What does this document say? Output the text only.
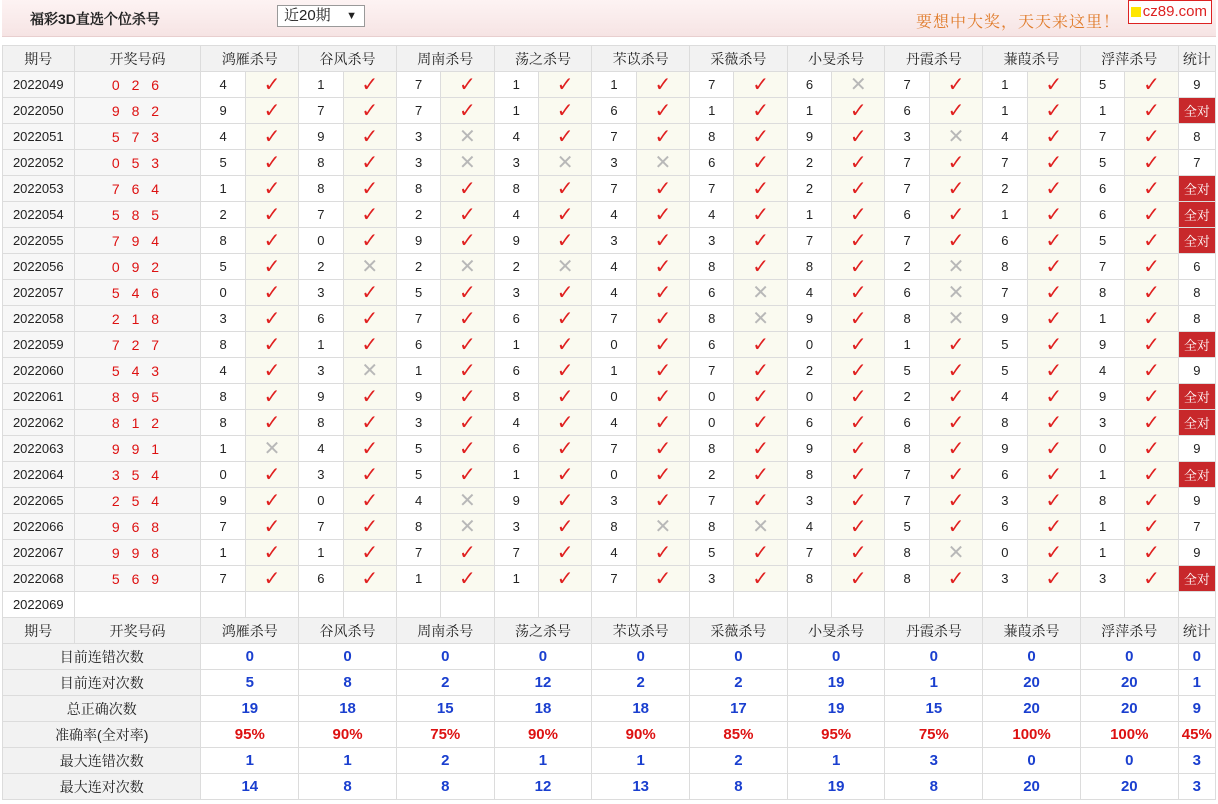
福彩3D直选个位杀号	近20期 ▼	要想中大奖，天天来这里！
cz89.com
期号	开奖号码	鸿雁杀号		谷风杀号		周南杀号		荡之杀号		芣苡杀号		采薇杀号		小旻杀号		丹霞杀号		蒹葭杀号		浮萍杀号		统计
2022049	0 2 6	4	✓	1	✓	7	✓	1	✓	1	✓	7	✓	6	✕	7	✓	1	✓	5	✓	9
2022050	9 8 2	9	✓	7	✓	7	✓	1	✓	6	✓	1	✓	1	✓	6	✓	1	✓	1	✓	全对
2022051	5 7 3	4	✓	9	✓	3	✕	4	✓	7	✓	8	✓	9	✓	3	✕	4	✓	7	✓	8
2022052	0 5 3	5	✓	8	✓	3	✕	3	✕	3	✕	6	✓	2	✓	7	✓	7	✓	5	✓	7
2022053	7 6 4	1	✓	8	✓	8	✓	8	✓	7	✓	7	✓	2	✓	7	✓	2	✓	6	✓	全对
2022054	5 8 5	2	✓	7	✓	2	✓	4	✓	4	✓	4	✓	1	✓	6	✓	1	✓	6	✓	全对
2022055	7 9 4	8	✓	0	✓	9	✓	9	✓	3	✓	3	✓	7	✓	7	✓	6	✓	5	✓	全对
2022056	0 9 2	5	✓	2	✕	2	✕	2	✕	4	✓	8	✓	8	✓	2	✕	8	✓	7	✓	6
2022057	5 4 6	0	✓	3	✓	5	✓	3	✓	4	✓	6	✕	4	✓	6	✕	7	✓	8	✓	8
2022058	2 1 8	3	✓	6	✓	7	✓	6	✓	7	✓	8	✕	9	✓	8	✕	9	✓	1	✓	8
2022059	7 2 7	8	✓	1	✓	6	✓	1	✓	0	✓	6	✓	0	✓	1	✓	5	✓	9	✓	全对
2022060	5 4 3	4	✓	3	✕	1	✓	6	✓	1	✓	7	✓	2	✓	5	✓	5	✓	4	✓	9
2022061	8 9 5	8	✓	9	✓	9	✓	8	✓	0	✓	0	✓	0	✓	2	✓	4	✓	9	✓	全对
2022062	8 1 2	8	✓	8	✓	3	✓	4	✓	4	✓	0	✓	6	✓	6	✓	8	✓	3	✓	全对
2022063	9 9 1	1	✕	4	✓	5	✓	6	✓	7	✓	8	✓	9	✓	8	✓	9	✓	0	✓	9
2022064	3 5 4	0	✓	3	✓	5	✓	1	✓	0	✓	2	✓	8	✓	7	✓	6	✓	1	✓	全对
2022065	2 5 4	9	✓	0	✓	4	✕	9	✓	3	✓	7	✓	3	✓	7	✓	3	✓	8	✓	9
2022066	9 6 8	7	✓	7	✓	8	✕	3	✓	8	✕	8	✕	4	✓	5	✓	6	✓	1	✓	7
2022067	9 9 8	1	✓	1	✓	7	✓	7	✓	4	✓	5	✓	7	✓	8	✕	0	✓	1	✓	9
2022068	5 6 9	7	✓	6	✓	1	✓	1	✓	7	✓	3	✓	8	✓	8	✓	3	✓	3	✓	全对
2022069	当前期杀号	1		6		2		7		1		6		4		7		2		4		
期号	开奖号码	鸿雁杀号		谷风杀号		周南杀号		荡之杀号		芣苡杀号		采薇杀号		小旻杀号		丹霞杀号		蒹葭杀号		浮萍杀号		统计
目前连错次数		0		0		0		0		0		0		0		0		0		0		0
目前连对次数		5		8		2		12		2		2		19		1		20		20		1
总正确次数		19		18		15		18		18		17		19		15		20		20		9
准确率(全对率)		95%		90%		75%		90%		90%		85%		95%		75%		100%		100%		45%
最大连错次数		1		1		2		1		1		2		1		3		0		0		3
最大连对次数		14		8		8		12		13		8		19		8		20		20		3
